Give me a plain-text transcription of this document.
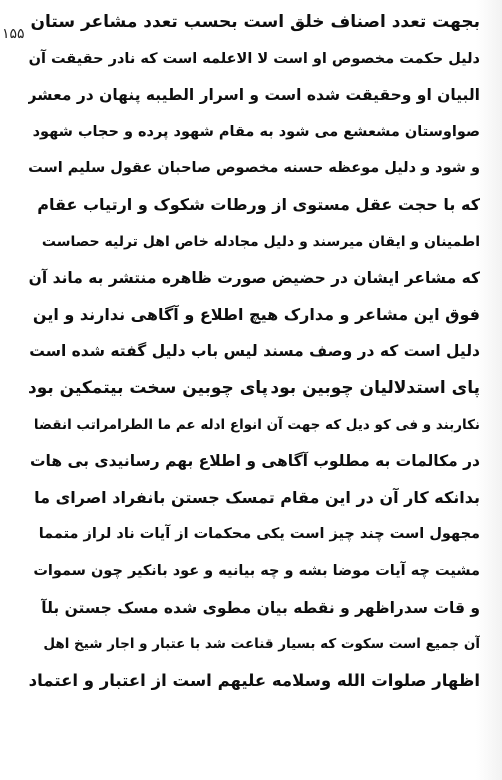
۱۵۵
بجهت تعدد اصناف خلق است بحسب تعدد مشاعر ستان
دلیل حکمت مخصوص او است لا الاعلمه است که نادر حقیقت آن
البیان او وحقیقت شده است و اسرار الطیبه پنهان در معشر
صواوستان مشعشع می شود به مقام شهود پرده و حجاب شهود
و شود و دلیل موعظه حسنه مخصوص صاحبان عقول سلیم است
که با حجت عقل مستوی از ورطات شکوک و ارتیاب عقام
اطمینان و ایقان میرسند و دلیل مجادله خاص اهل ترلیه حصاست
که مشاعر ایشان در حضیض صورت ظاهره منتشر به ماند آن
فوق این مشاعر و مدارک هیچ اطلاع و آگاهی ندارند و این
دلیل است که در وصف مسند لیس باب دلیل گفته شده است
پای استدلالیان چوبین بود
پای چوبین سخت بیتمکین بود
نکاربند و فی کو دیل که جهت آن انواع ادله عم ما الطرامراتب انقضا
در مکالمات به مطلوب آگاهی و اطلاع بهم رسانیدی بی هات
بدانکه کار آن در این مقام تمسک جستن بانفراد اصرای ما
مجهول است چند چیز است یکی محکمات از آیات ناد لراز متمما
مشیت چه آیات موضا بشه و چه بیانیه و عود بانکیر چون سموات
و قات سدراظهر و نقطه بیان مطوی شده مسک جستن بلآ
آن جمیع است سکوت که بسیار قناعت شد با عتبار و اجار شیخ اهل
اظهار صلوات الله وسلامه علیهم است از اعتبار و اعتماد
